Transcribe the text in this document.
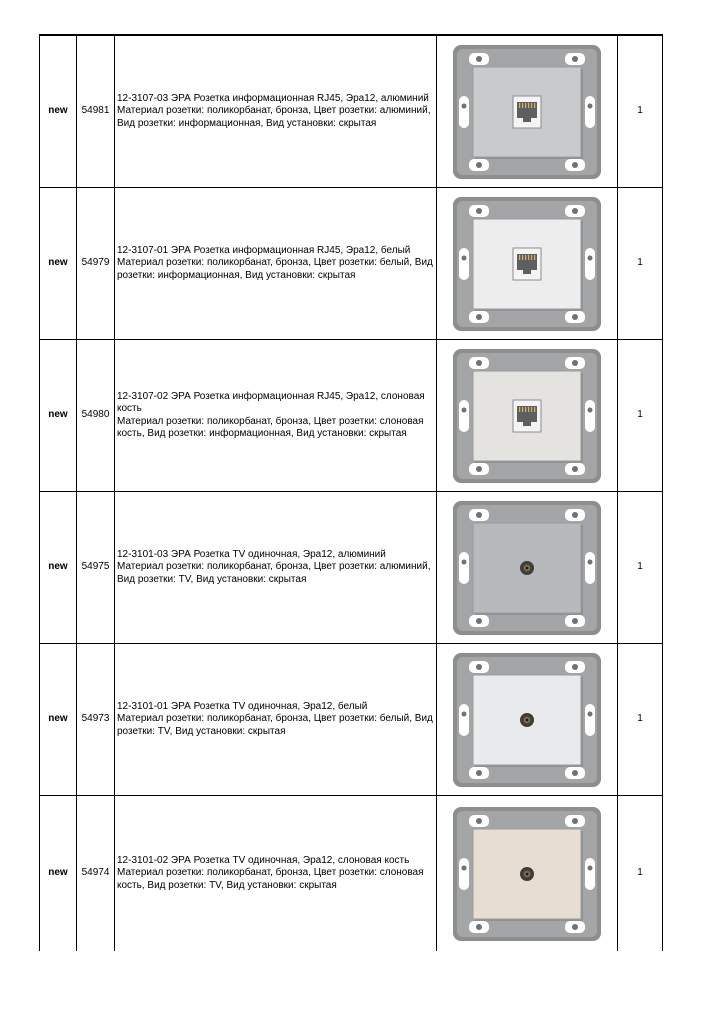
new	54981	12-3107-03 ЭРА Розетка информационная RJ45, Эра12, алюминий
Материал розетки: поликорбанат, бронза, Цвет розетки: алюминий, Вид розетки: информационная, Вид установки: скрытая		1
new	54979	12-3107-01 ЭРА Розетка информационная RJ45, Эра12, белый
Материал розетки: поликорбанат, бронза, Цвет розетки: белый, Вид розетки: информационная, Вид установки: скрытая		1
new	54980	12-3107-02 ЭРА Розетка информационная RJ45, Эра12, слоновая кость
Материал розетки: поликорбанат, бронза, Цвет розетки: слоновая кость, Вид розетки: информационная, Вид установки: скрытая		1
new	54975	12-3101-03 ЭРА Розетка TV одиночная, Эра12, алюминий
Материал розетки: поликорбанат, бронза, Цвет розетки: алюминий, Вид розетки: TV, Вид установки: скрытая		1
new	54973	12-3101-01 ЭРА Розетка TV одиночная, Эра12, белый
Материал розетки: поликорбанат, бронза, Цвет розетки: белый, Вид розетки: TV, Вид установки: скрытая		1
new	54974	12-3101-02 ЭРА Розетка TV одиночная, Эра12, слоновая кость
Материал розетки: поликорбанат, бронза, Цвет розетки: слоновая кость, Вид розетки: TV, Вид установки: скрытая		1
